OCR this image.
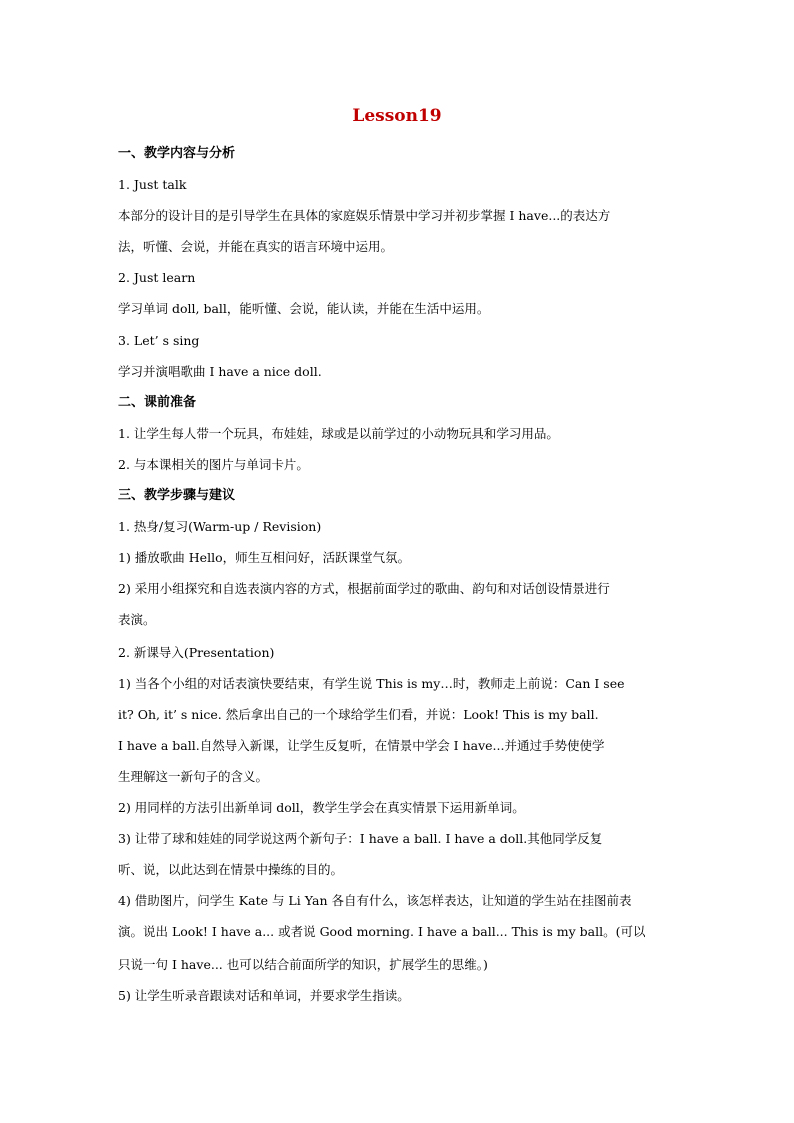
Lesson19
一、教学内容与分析
1. Just talk
本部分的设计目的是引导学生在具体的家庭娱乐情景中学习并初步掌握 I have...的表达方
法，听懂、会说，并能在真实的语言环境中运用。
2. Just learn
学习单词 doll, ball，能听懂、会说，能认读，并能在生活中运用。
3. Let’ s sing
学习并演唱歌曲 I have a nice doll.
二、课前准备
1. 让学生每人带一个玩具，布娃娃，球或是以前学过的小动物玩具和学习用品。
2. 与本课相关的图片与单词卡片。
三、教学步骤与建议
1. 热身/复习(Warm-up / Revision)
1) 播放歌曲 Hello，师生互相问好，活跃课堂气氛。
2) 采用小组探究和自选表演内容的方式，根据前面学过的歌曲、韵句和对话创设情景进行
表演。
2. 新课导入(Presentation)
1) 当各个小组的对话表演快要结束，有学生说 This is my…时，教师走上前说：Can I see
it? Oh, it’ s nice. 然后拿出自己的一个球给学生们看，并说：Look! This is my ball.
I have a ball.自然导入新课，让学生反复听，在情景中学会 I have...并通过手势使使学
生理解这一新句子的含义。
2) 用同样的方法引出新单词 doll，教学生学会在真实情景下运用新单词。
3) 让带了球和娃娃的同学说这两个新句子：I have a ball. I have a doll.其他同学反复
听、说，以此达到在情景中操练的目的。
4) 借助图片，问学生 Kate 与 Li Yan 各自有什么，该怎样表达，让知道的学生站在挂图前表
演。说出 Look! I have a... 或者说 Good morning. I have a ball... This is my ball。(可以
只说一句 I have... 也可以结合前面所学的知识，扩展学生的思维。)
5) 让学生听录音跟读对话和单词，并要求学生指读。
